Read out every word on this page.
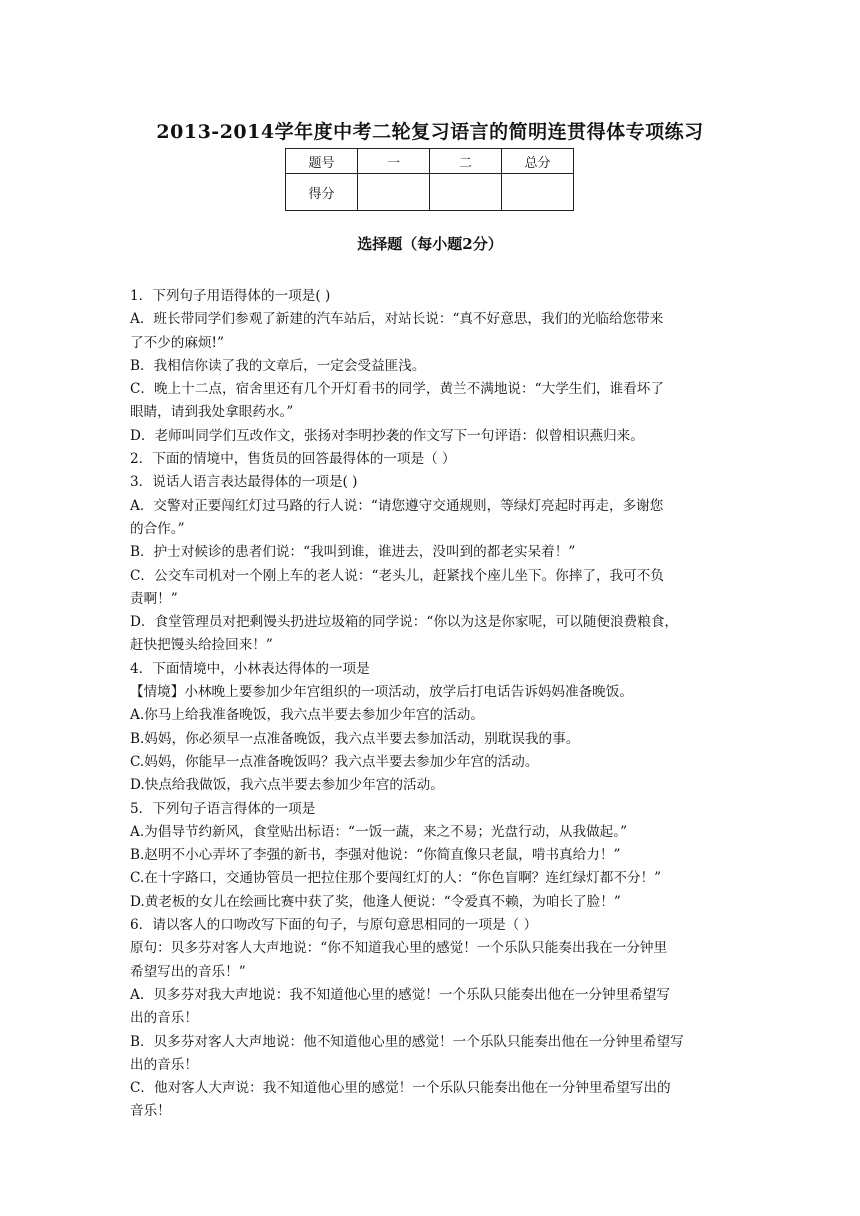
2013-2014学年度中考二轮复习语言的简明连贯得体专项练习
题号	一	二	总分
得分			
选择题（每小题2分）
1．下列句子用语得体的一项是( )
A．班长带同学们参观了新建的汽车站后，对站长说：“真不好意思，我们的光临给您带来
了不少的麻烦!”
B．我相信你读了我的文章后，一定会受益匪浅。
C．晚上十二点，宿舍里还有几个开灯看书的同学，黄兰不满地说：“大学生们，谁看坏了
眼睛，请到我处拿眼药水。”
D．老师叫同学们互改作文，张扬对李明抄袭的作文写下一句评语：似曾相识燕归来。
2．下面的情境中，售货员的回答最得体的一项是（ ）
3．说话人语言表达最得体的一项是( )
A．交警对正要闯红灯过马路的行人说：“请您遵守交通规则，等绿灯亮起时再走，多谢您
的合作。”
B．护士对候诊的患者们说：“我叫到谁，谁进去，没叫到的都老实呆着！”
C．公交车司机对一个刚上车的老人说：“老头儿，赶紧找个座儿坐下。你摔了，我可不负
责啊！”
D．食堂管理员对把剩馒头扔进垃圾箱的同学说：“你以为这是你家呢，可以随便浪费粮食，
赶快把馒头给捡回来！”
4．下面情境中，小林表达得体的一项是
【情境】小林晚上要参加少年宫组织的一项活动，放学后打电话告诉妈妈准备晚饭。
A.你马上给我准备晚饭，我六点半要去参加少年宫的活动。
B.妈妈，你必须早一点准备晚饭，我六点半要去参加活动，别耽误我的事。
C.妈妈，你能早一点准备晚饭吗？我六点半要去参加少年宫的活动。
D.快点给我做饭，我六点半要去参加少年宫的活动。
5．下列句子语言得体的一项是
A.为倡导节约新风，食堂贴出标语：“一饭一蔬，来之不易；光盘行动，从我做起。”
B.赵明不小心弄坏了李强的新书，李强对他说：“你简直像只老鼠，啃书真给力！”
C.在十字路口，交通协管员一把拉住那个要闯红灯的人：“你色盲啊？连红绿灯都不分！”
D.黄老板的女儿在绘画比赛中获了奖，他逢人便说：“令爱真不赖，为咱长了脸！”
6．请以客人的口吻改写下面的句子，与原句意思相同的一项是（ ）
原句：贝多芬对客人大声地说：“你不知道我心里的感觉！一个乐队只能奏出我在一分钟里
希望写出的音乐！”
A．贝多芬对我大声地说：我不知道他心里的感觉！一个乐队只能奏出他在一分钟里希望写
出的音乐！
B．贝多芬对客人大声地说：他不知道他心里的感觉！一个乐队只能奏出他在一分钟里希望写
出的音乐！
C．他对客人大声说：我不知道他心里的感觉！一个乐队只能奏出他在一分钟里希望写出的
音乐！
